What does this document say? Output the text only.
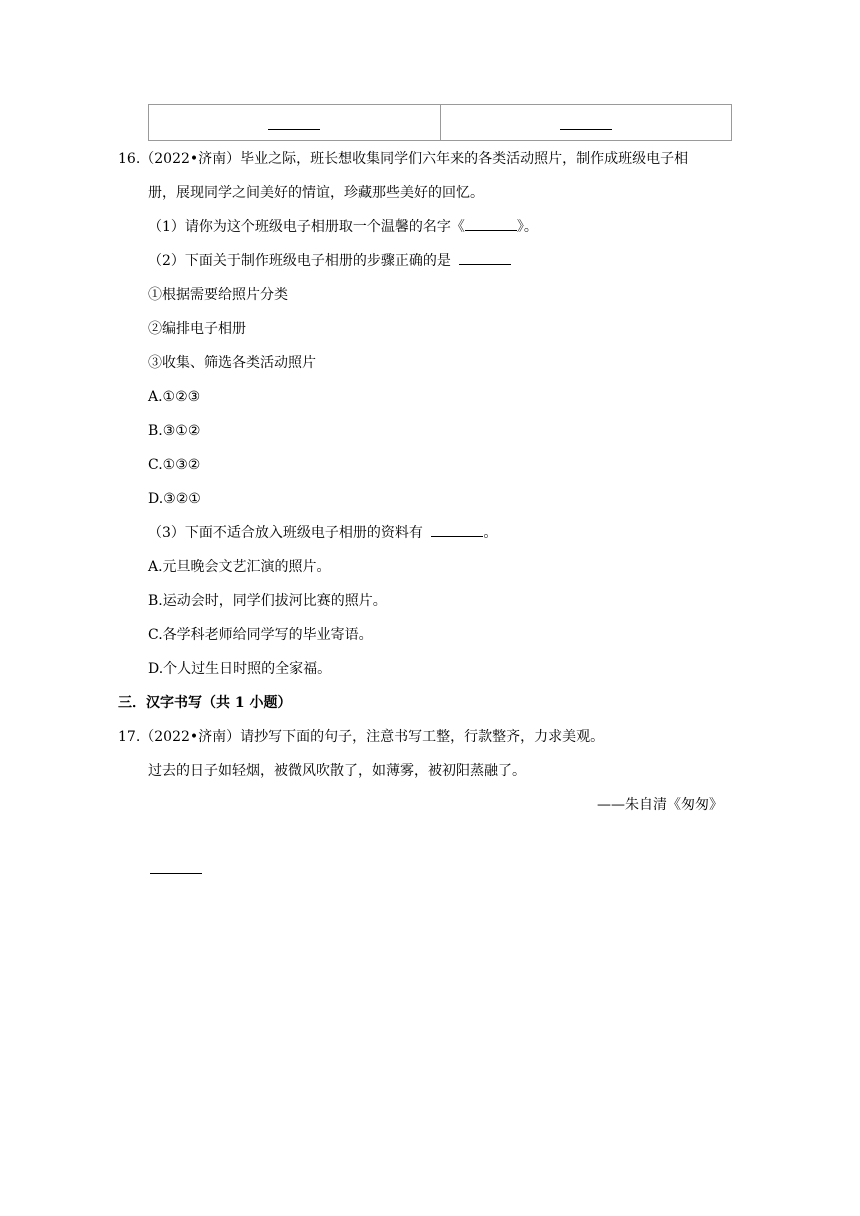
16.（2022•济南）毕业之际，班长想收集同学们六年来的各类活动照片，制作成班级电子相
册，展现同学之间美好的情谊，珍藏那些美好的回忆。
（1）请你为这个班级电子相册取一个温馨的名字《	》。
（2）下面关于制作班级电子相册的步骤正确的是
①根据需要给照片分类
②编排电子相册
③收集、筛选各类活动照片
A.①②③
B.③①②
C.①③②
D.③②①
（3）下面不适合放入班级电子相册的资料有	。
A.元旦晚会文艺汇演的照片。
B.运动会时，同学们拔河比赛的照片。
C.各学科老师给同学写的毕业寄语。
D.个人过生日时照的全家福。
三．汉字书写（共 1 小题）
17.（2022•济南）请抄写下面的句子，注意书写工整，行款整齐，力求美观。
过去的日子如轻烟，被微风吹散了，如薄雾，被初阳蒸融了。
——朱自清《匆匆》
